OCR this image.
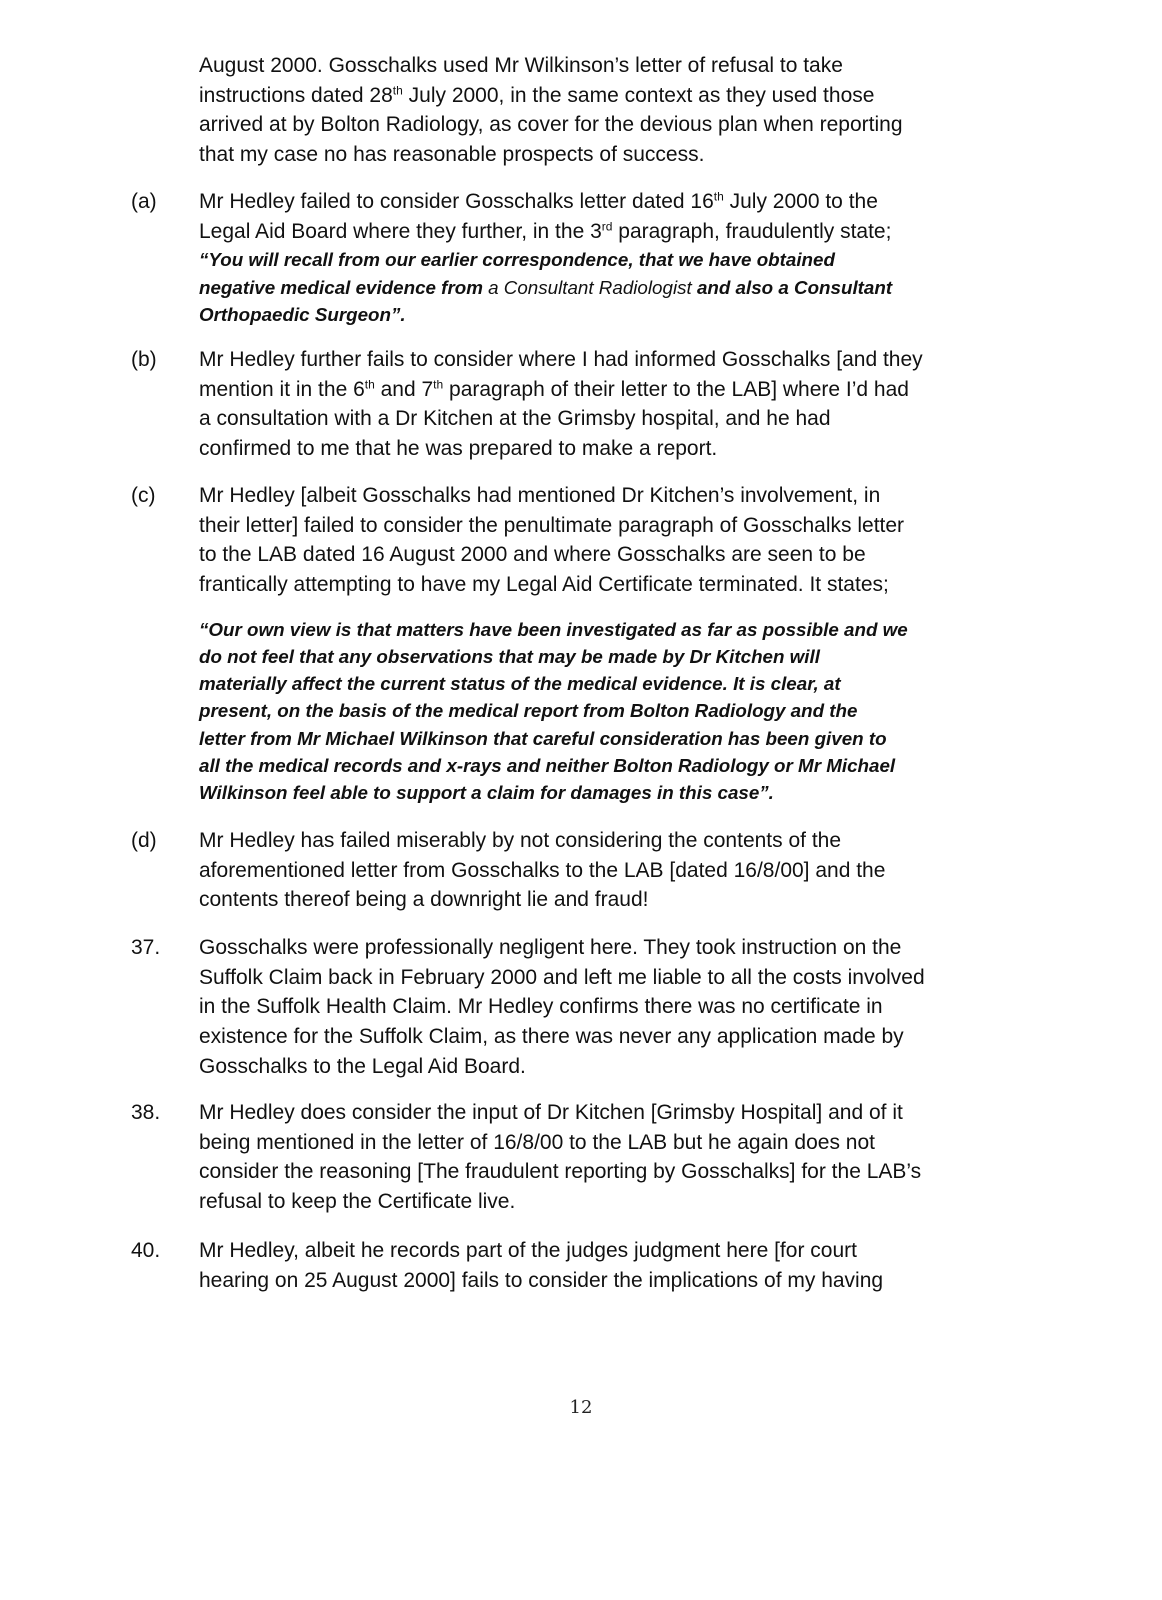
August 2000. Gosschalks used Mr Wilkinson’s letter of refusal to take
instructions dated 28th July 2000, in the same context as they used those
arrived at by Bolton Radiology, as cover for the devious plan when reporting
that my case no has reasonable prospects of success.
(a) Mr Hedley failed to consider Gosschalks letter dated 16th July 2000 to the
Legal Aid Board where they further, in the 3rd paragraph, fraudulently state;
“You will recall from our earlier correspondence, that we have obtained
negative medical evidence from a Consultant Radiologist and also a Consultant
Orthopaedic Surgeon”.
(b) Mr Hedley further fails to consider where I had informed Gosschalks [and they
mention it in the 6th and 7th paragraph of their letter to the LAB] where I’d had
a consultation with a Dr Kitchen at the Grimsby hospital, and he had
confirmed to me that he was prepared to make a report.
(c) Mr Hedley [albeit Gosschalks had mentioned Dr Kitchen’s involvement, in
their letter] failed to consider the penultimate paragraph of Gosschalks letter
to the LAB dated 16 August 2000 and where Gosschalks are seen to be
frantically attempting to have my Legal Aid Certificate terminated. It states;
“Our own view is that matters have been investigated as far as possible and we
do not feel that any observations that may be made by Dr Kitchen will
materially affect the current status of the medical evidence. It is clear, at
present, on the basis of the medical report from Bolton Radiology and the
letter from Mr Michael Wilkinson that careful consideration has been given to
all the medical records and x-rays and neither Bolton Radiology or Mr Michael
Wilkinson feel able to support a claim for damages in this case”.
(d) Mr Hedley has failed miserably by not considering the contents of the
aforementioned letter from Gosschalks to the LAB [dated 16/8/00] and the
contents thereof being a downright lie and fraud!
37. Gosschalks were professionally negligent here. They took instruction on the
Suffolk Claim back in February 2000 and left me liable to all the costs involved
in the Suffolk Health Claim. Mr Hedley confirms there was no certificate in
existence for the Suffolk Claim, as there was never any application made by
Gosschalks to the Legal Aid Board.
38. Mr Hedley does consider the input of Dr Kitchen [Grimsby Hospital] and of it
being mentioned in the letter of 16/8/00 to the LAB but he again does not
consider the reasoning [The fraudulent reporting by Gosschalks] for the LAB’s
refusal to keep the Certificate live.
40. Mr Hedley, albeit he records part of the judges judgment here [for court
hearing on 25 August 2000] fails to consider the implications of my having
12
